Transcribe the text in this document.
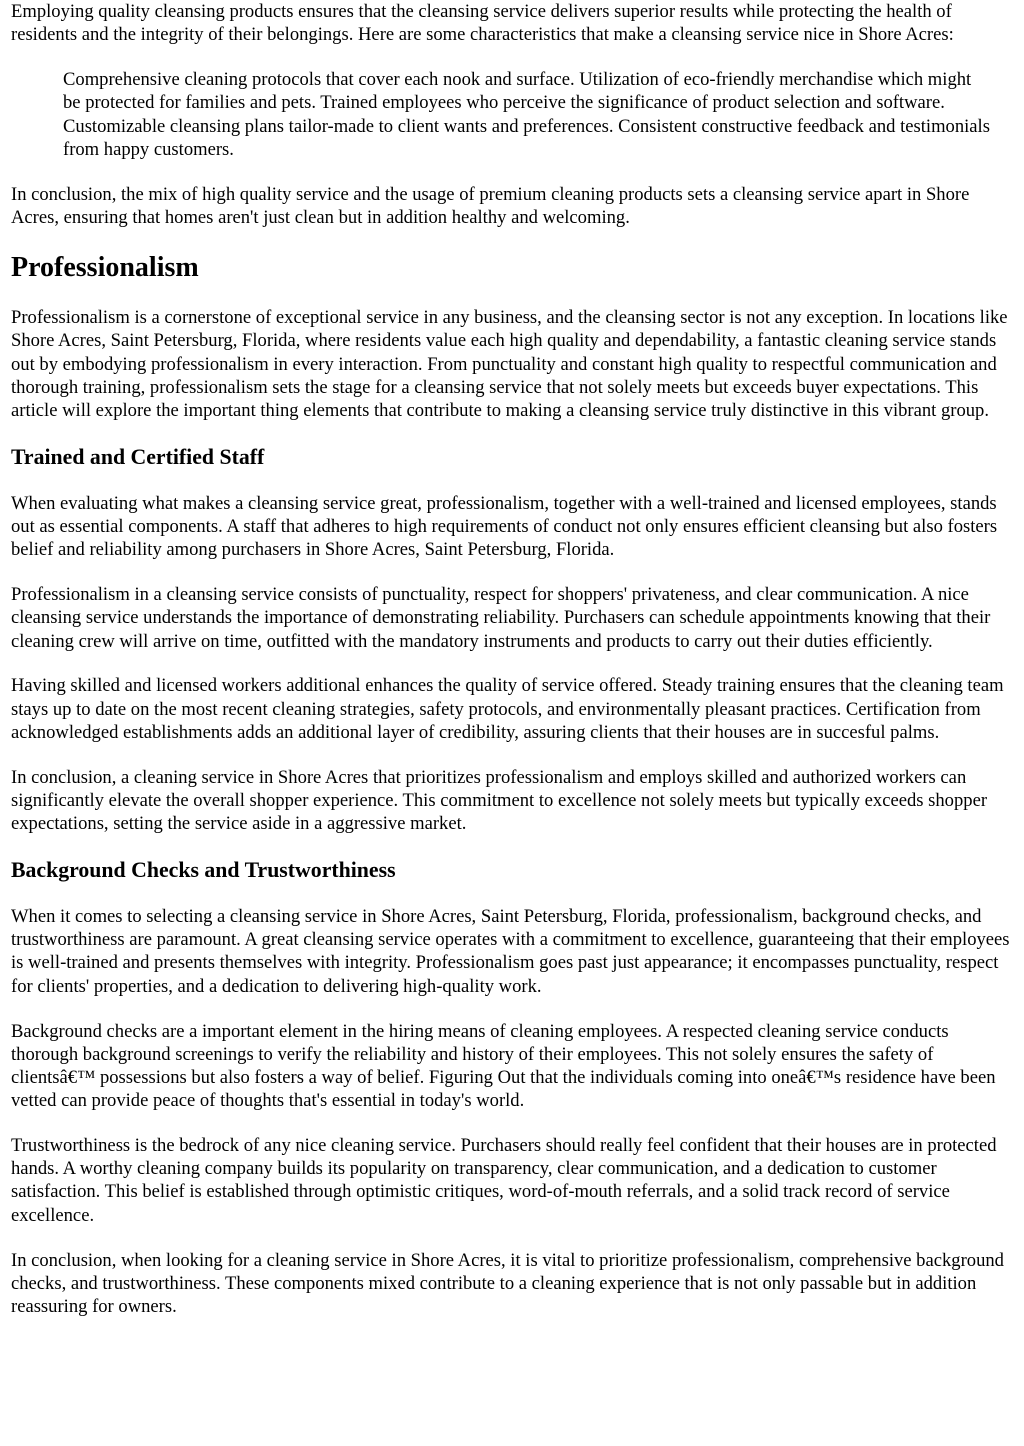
Employing quality cleansing products ensures that the cleansing service delivers superior results while protecting the health of residents and the integrity of their belongings. Here are some characteristics that make a cleansing service nice in Shore Acres:

Comprehensive cleaning protocols that cover each nook and surface. Utilization of eco-friendly merchandise which might be protected for families and pets. Trained employees who perceive the significance of product selection and software. Customizable cleansing plans tailor-made to client wants and preferences. Consistent constructive feedback and testimonials from happy customers.

In conclusion, the mix of high quality service and the usage of premium cleaning products sets a cleansing service apart in Shore Acres, ensuring that homes aren't just clean but in addition healthy and welcoming.

Professionalism

Professionalism is a cornerstone of exceptional service in any business, and the cleansing sector is not any exception. In locations like Shore Acres, Saint Petersburg, Florida, where residents value each high quality and dependability, a fantastic cleaning service stands out by embodying professionalism in every interaction. From punctuality and constant high quality to respectful communication and thorough training, professionalism sets the stage for a cleansing service that not solely meets but exceeds buyer expectations. This article will explore the important thing elements that contribute to making a cleansing service truly distinctive in this vibrant group.

Trained and Certified Staff

When evaluating what makes a cleansing service great, professionalism, together with a well-trained and licensed employees, stands out as essential components. A staff that adheres to high requirements of conduct not only ensures efficient cleansing but also fosters belief and reliability among purchasers in Shore Acres, Saint Petersburg, Florida.

Professionalism in a cleansing service consists of punctuality, respect for shoppers' privateness, and clear communication. A nice cleansing service understands the importance of demonstrating reliability. Purchasers can schedule appointments knowing that their cleaning crew will arrive on time, outfitted with the mandatory instruments and products to carry out their duties efficiently.

Having skilled and licensed workers additional enhances the quality of service offered. Steady training ensures that the cleaning team stays up to date on the most recent cleaning strategies, safety protocols, and environmentally pleasant practices. Certification from acknowledged establishments adds an additional layer of credibility, assuring clients that their houses are in succesful palms.

In conclusion, a cleaning service in Shore Acres that prioritizes professionalism and employs skilled and authorized workers can significantly elevate the overall shopper experience. This commitment to excellence not solely meets but typically exceeds shopper expectations, setting the service aside in a aggressive market.

Background Checks and Trustworthiness

When it comes to selecting a cleansing service in Shore Acres, Saint Petersburg, Florida, professionalism, background checks, and trustworthiness are paramount. A great cleansing service operates with a commitment to excellence, guaranteeing that their employees is well-trained and presents themselves with integrity. Professionalism goes past just appearance; it encompasses punctuality, respect for clients' properties, and a dedication to delivering high-quality work.

Background checks are a important element in the hiring means of cleaning employees. A respected cleaning service conducts thorough background screenings to verify the reliability and history of their employees. This not solely ensures the safety of clientsâ€™ possessions but also fosters a way of belief. Figuring Out that the individuals coming into oneâ€™s residence have been vetted can provide peace of thoughts that's essential in today's world.

Trustworthiness is the bedrock of any nice cleaning service. Purchasers should really feel confident that their houses are in protected hands. A worthy cleaning company builds its popularity on transparency, clear communication, and a dedication to customer satisfaction. This belief is established through optimistic critiques, word-of-mouth referrals, and a solid track record of service excellence.

In conclusion, when looking for a cleaning service in Shore Acres, it is vital to prioritize professionalism, comprehensive background checks, and trustworthiness. These components mixed contribute to a cleaning experience that is not only passable but in addition reassuring for owners.
